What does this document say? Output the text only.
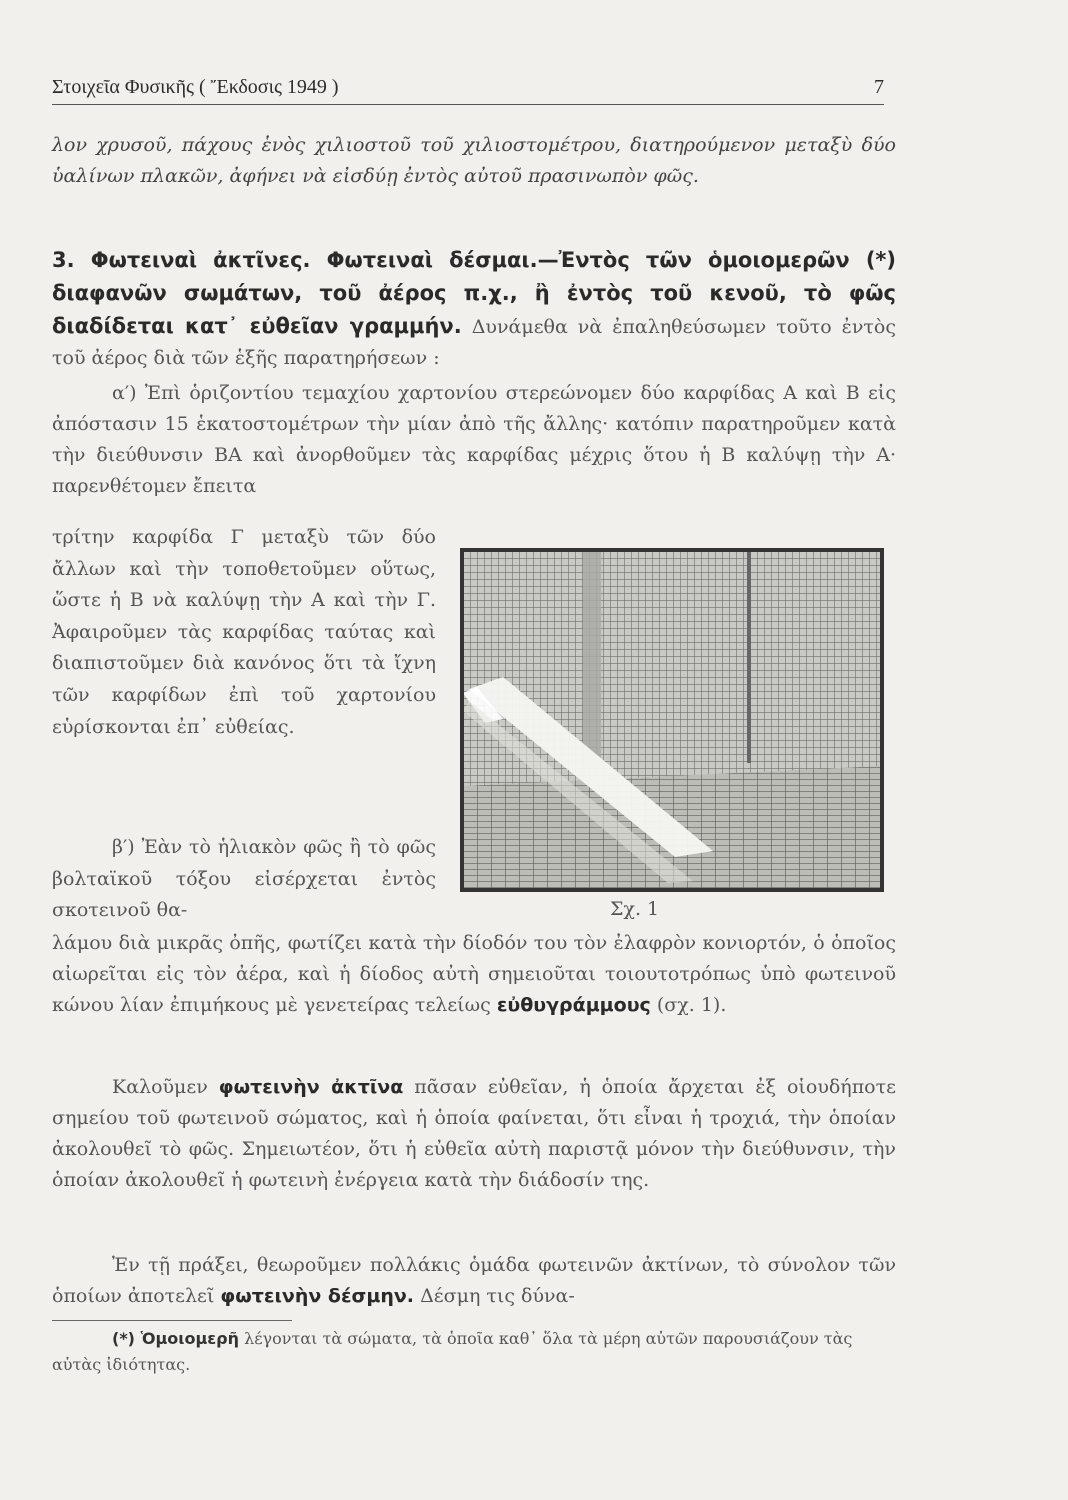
Στοιχεῖα Φυσικῆς ( Ἔκδοσις 1949 )	7
λον χρυσοῦ, πάχους ἑνὸς χιλιοστοῦ τοῦ χιλιοστομέτρου, διατηρούμενον μεταξὺ δύο ὑαλίνων πλακῶν, ἀφήνει νὰ εἰσδύῃ ἐντὸς αὐτοῦ πρασινωπὸν φῶς.
3. Φωτειναὶ ἀκτῖνες. Φωτειναὶ δέσμαι.—Ἐντὸς τῶν ὁμοιομερῶν (*) διαφανῶν σωμάτων, τοῦ ἀέρος π.χ., ἢ ἐντὸς τοῦ κενοῦ, τὸ φῶς διαδίδεται κατ᾽ εὐθεῖαν γραμμήν. Δυνάμεθα νὰ ἐπαληθεύσωμεν τοῦτο ἐντὸς τοῦ ἀέρος διὰ τῶν ἑξῆς παρατηρήσεων :
α′) Ἐπὶ ὁριζοντίου τεμαχίου χαρτονίου στερεώνομεν δύο καρφίδας Α καὶ Β εἰς ἀπόστασιν 15 ἑκατοστομέτρων τὴν μίαν ἀπὸ τῆς ἄλλης· κατόπιν παρατηροῦμεν κατὰ τὴν διεύθυνσιν ΒΑ καὶ ἀνορθοῦμεν τὰς καρφίδας μέχρις ὅτου ἡ Β καλύψῃ τὴν Α· παρενθέτομεν ἔπειτα
τρίτην καρφίδα Γ μεταξὺ τῶν δύο ἄλλων καὶ τὴν τοποθετοῦμεν οὕτως, ὥστε ἡ Β νὰ καλύψῃ τὴν Α καὶ τὴν Γ. Ἀφαιροῦμεν τὰς καρφίδας ταύτας καὶ διαπιστοῦμεν διὰ κανόνος ὅτι τὰ ἴχνη τῶν καρφίδων ἐπὶ τοῦ χαρτονίου εὑρίσκονται ἐπ᾽ εὐθείας.
β′) Ἐὰν τὸ ἡλιακὸν φῶς ἢ τὸ φῶς βολταϊκοῦ τόξου εἰσέρχεται ἐντὸς σκοτεινοῦ θα-	Σχ. 1
λάμου διὰ μικρᾶς ὀπῆς, φωτίζει κατὰ τὴν δίοδόν του τὸν ἐλαφρὸν κονιορτόν, ὁ ὁποῖος αἰωρεῖται εἰς τὸν ἀέρα, καὶ ἡ δίοδος αὐτὴ σημειοῦται τοιουτοτρόπως ὑπὸ φωτεινοῦ κώνου λίαν ἐπιμήκους μὲ γενετείρας τελείως εὐθυγράμμους (σχ. 1).
Καλοῦμεν φωτεινὴν ἀκτῖνα πᾶσαν εὐθεῖαν, ἡ ὁποία ἄρχεται ἐξ οἱουδήποτε σημείου τοῦ φωτεινοῦ σώματος, καὶ ἡ ὁποία φαίνεται, ὅτι εἶναι ἡ τροχιά, τὴν ὁποίαν ἀκολουθεῖ τὸ φῶς. Σημειωτέον, ὅτι ἡ εὐθεῖα αὐτὴ παριστᾷ μόνον τὴν διεύθυνσιν, τὴν ὁποίαν ἀκολουθεῖ ἡ φωτεινὴ ἐνέργεια κατὰ τὴν διάδοσίν της.
Ἐν τῇ πράξει, θεωροῦμεν πολλάκις ὁμάδα φωτεινῶν ἀκτίνων, τὸ σύνολον τῶν ὁποίων ἀποτελεῖ φωτεινὴν δέσμην. Δέσμη τις δύνα-
(*) Ὁμοιομερῆ λέγονται τὰ σώματα, τὰ ὁποῖα καθ᾽ ὅλα τὰ μέρη αὐτῶν παρουσιάζουν τὰς αὐτὰς ἰδιότητας.
